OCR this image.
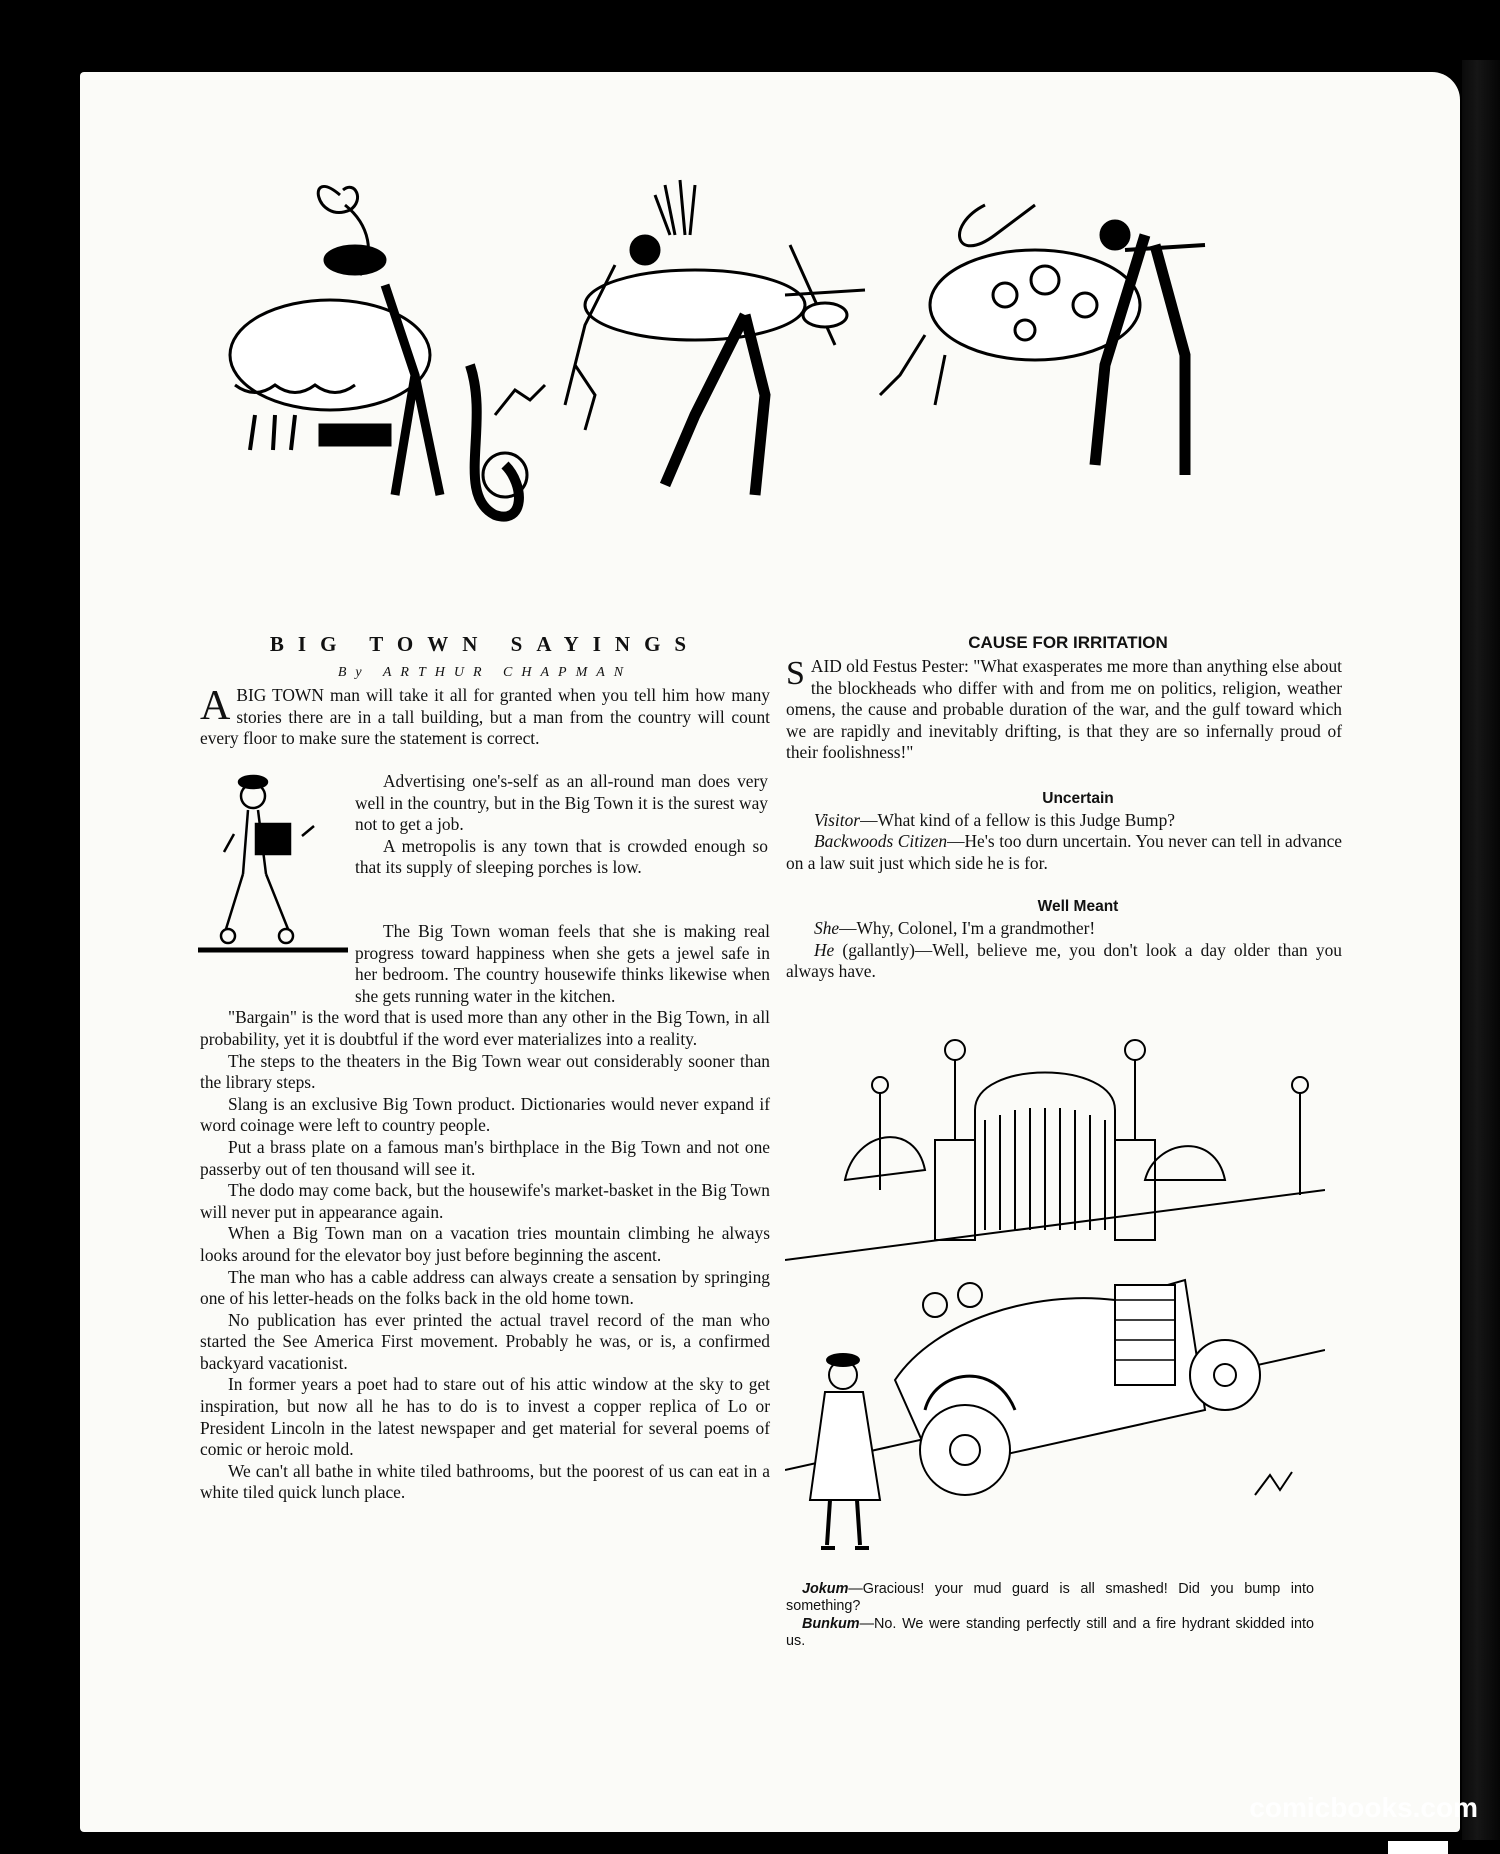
BIG TOWN SAYINGS
By ARTHUR CHAPMAN

A BIG TOWN man will take it all for granted when you tell him how many stories there are in a tall building, but a man from the country will count every floor to make sure the statement is correct.

Advertising one's-self as an all-round man does very well in the country, but in the Big Town it is the surest way not to get a job.

A metropolis is any town that is crowded enough so that its supply of sleeping porches is low.

The Big Town woman feels that she is making real progress toward happiness when she gets a jewel safe in her bedroom. The country housewife thinks likewise when she gets running water in the kitchen.

"Bargain" is the word that is used more than any other in the Big Town, in all probability, yet it is doubtful if the word ever materializes into a reality.

The steps to the theaters in the Big Town wear out considerably sooner than the library steps.

Slang is an exclusive Big Town product. Dictionaries would never expand if word coinage were left to country people.

Put a brass plate on a famous man's birthplace in the Big Town and not one passerby out of ten thousand will see it.

The dodo may come back, but the housewife's market-basket in the Big Town will never put in appearance again.

When a Big Town man on a vacation tries mountain climbing he always looks around for the elevator boy just before beginning the ascent.

The man who has a cable address can always create a sensation by springing one of his letter-heads on the folks back in the old home town.

No publication has ever printed the actual travel record of the man who started the See America First movement. Probably he was, or is, a confirmed backyard vacationist.

In former years a poet had to stare out of his attic window at the sky to get inspiration, but now all he has to do is to invest a copper replica of Lo or President Lincoln in the latest newspaper and get material for several poems of comic or heroic mold.

We can't all bathe in white tiled bathrooms, but the poorest of us can eat in a white tiled quick lunch place.

CAUSE FOR IRRITATION

SAID old Festus Pester: "What exasperates me more than anything else about the blockheads who differ with and from me on politics, religion, weather omens, the cause and probable duration of the war, and the gulf toward which we are rapidly and inevitably drifting, is that they are so infernally proud of their foolishness!"

Uncertain

Visitor—What kind of a fellow is this Judge Bump?

Backwoods Citizen—He's too durn uncertain. You never can tell in advance on a law suit just which side he is for.

Well Meant

She—Why, Colonel, I'm a grandmother!

He (gallantly)—Well, believe me, you don't look a day older than you always have.

Jokum—Gracious! your mud guard is all smashed! Did you bump into something?

Bunkum—No. We were standing perfectly still and a fire hydrant skidded into us.

comicbooks.com
